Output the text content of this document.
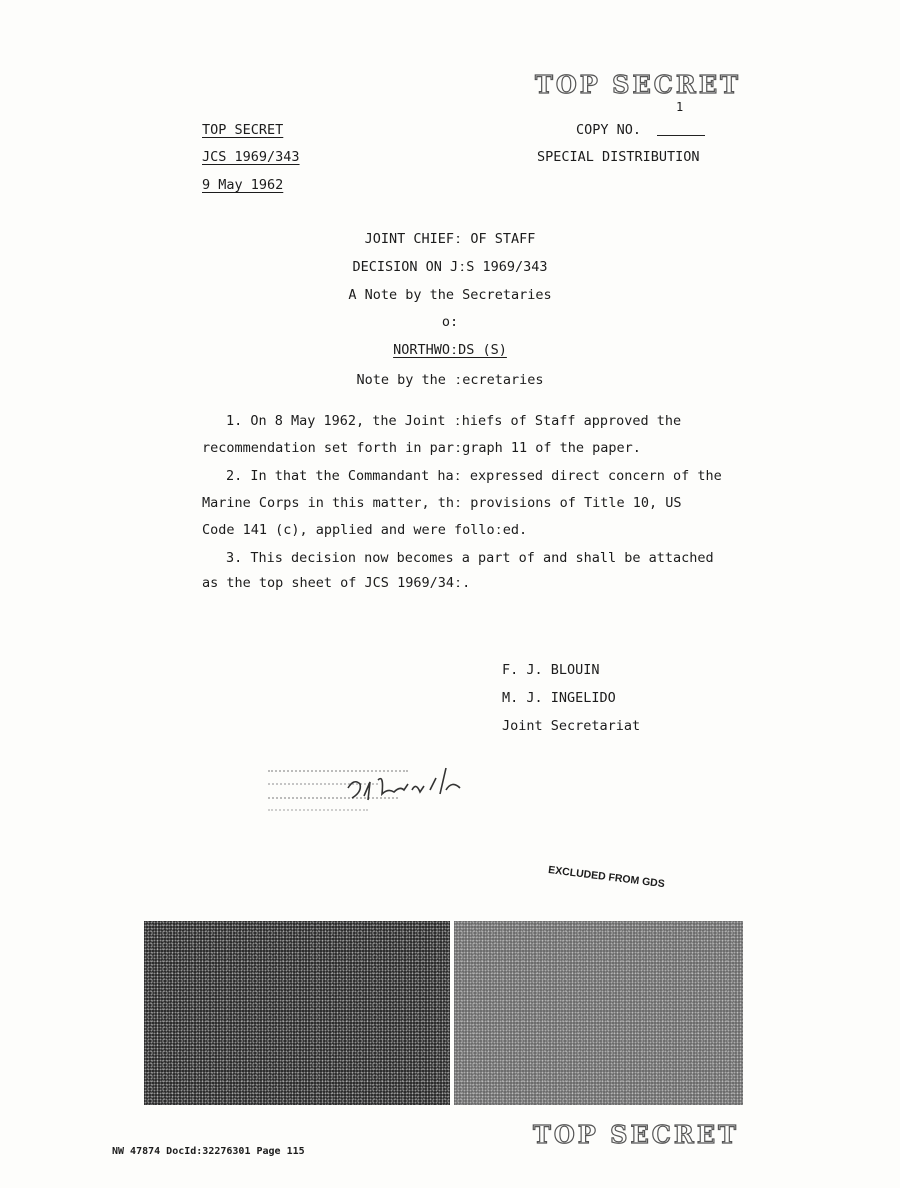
TOP SECRET
1
TOP SECRET
JCS 1969/343
9 May 1962
COPY NO.
SPECIAL DISTRIBUTION
JOINT CHIEFː OF STAFF
DECISION ON JːS 1969/343
A Note by the Secretaries
o:
NORTHWOːDS (S)
Note by the ːecretaries
1. On 8 May 1962, the Joint ːhiefs of Staff approved the recommendation set forth in parːgraph 11 of the paper.
2. In that the Commandant haː expressed direct concern of the Marine Corps in this matter, thː provisions of Title 10, US Code 141 (c), applied and were folloːed.
3. This decision now becomes a part of and shall be attached as the top sheet of JCS 1969/34ː.
F. J. BLOUIN
M. J. INGELIDO
Joint Secretariat
EXCLUDED FROM GDS
TOP SECRET
NW 47874 DocId:32276301 Page 115
